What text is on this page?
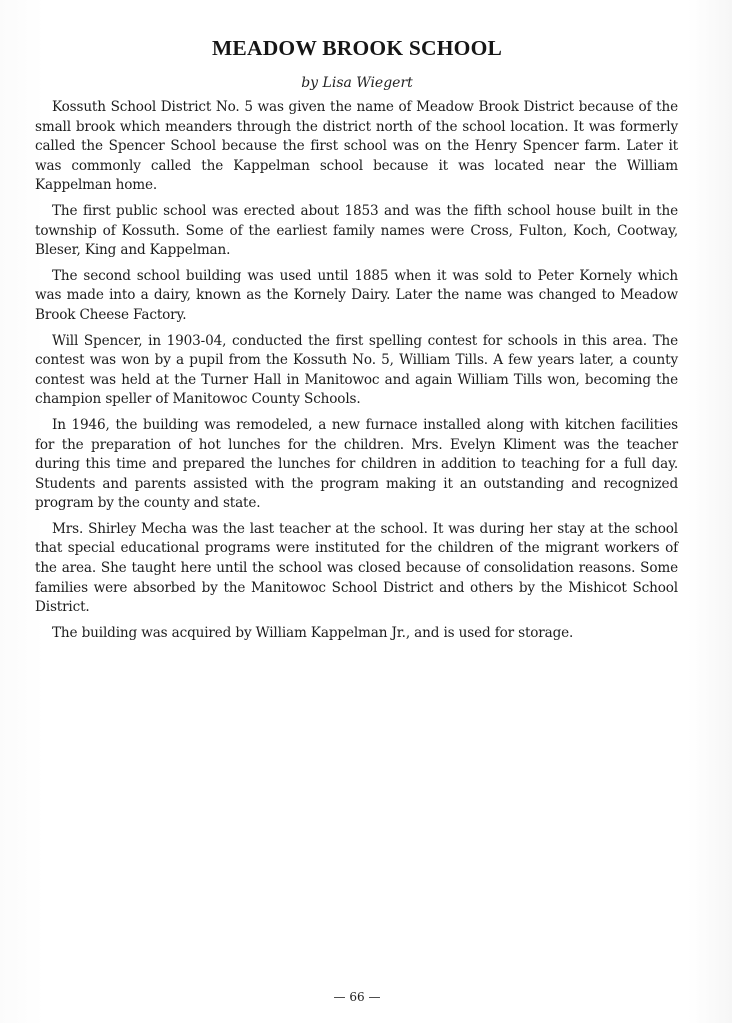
MEADOW BROOK SCHOOL
by Lisa Wiegert

Kossuth School District No. 5 was given the name of Meadow Brook District because of the small brook which meanders through the district north of the school location. It was formerly called the Spencer School because the first school was on the Henry Spencer farm. Later it was commonly called the Kappelman school because it was located near the William Kappelman home.

The first public school was erected about 1853 and was the fifth school house built in the township of Kossuth. Some of the earliest family names were Cross, Fulton, Koch, Cootway, Bleser, King and Kappelman.

The second school building was used until 1885 when it was sold to Peter Kornely which was made into a dairy, known as the Kornely Dairy. Later the name was changed to Meadow Brook Cheese Factory.

Will Spencer, in 1903-04, conducted the first spelling contest for schools in this area. The contest was won by a pupil from the Kossuth No. 5, William Tills. A few years later, a county contest was held at the Turner Hall in Manitowoc and again William Tills won, becoming the champion speller of Manitowoc County Schools.

In 1946, the building was remodeled, a new furnace installed along with kitchen facilities for the preparation of hot lunches for the children. Mrs. Evelyn Kliment was the teacher during this time and prepared the lunches for children in addition to teaching for a full day. Students and parents assisted with the program making it an outstanding and recognized program by the county and state.

Mrs. Shirley Mecha was the last teacher at the school. It was during her stay at the school that special educational programs were instituted for the children of the migrant workers of the area. She taught here until the school was closed because of consolidation reasons. Some families were absorbed by the Manitowoc School District and others by the Mishicot School District.

The building was acquired by William Kappelman Jr., and is used for storage.

— 66 —
